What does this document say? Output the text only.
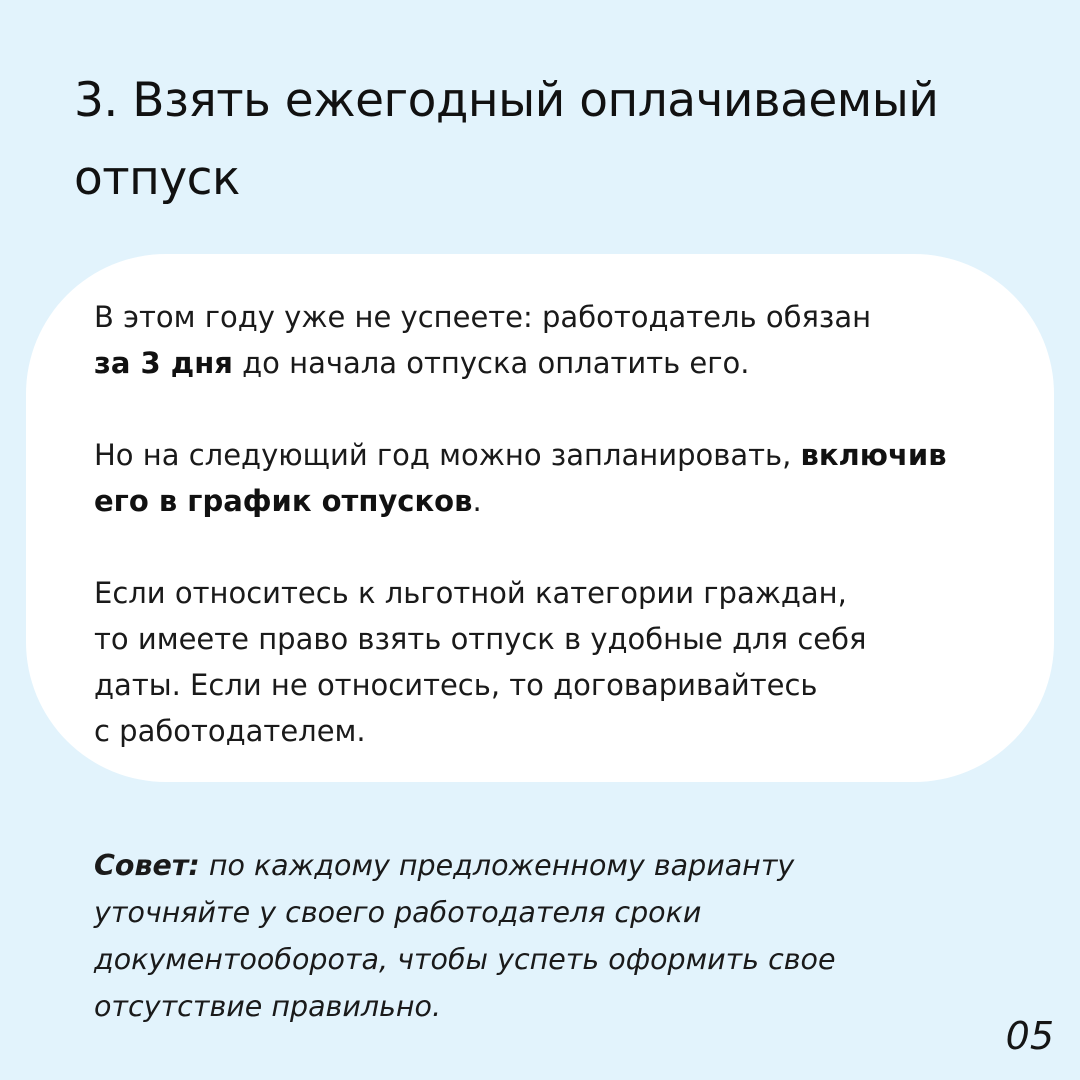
3. Взять ежегодный оплачиваемый
отпуск

В этом году уже не успеете: работодатель обязан
за 3 дня до начала отпуска оплатить его.

Но на следующий год можно запланировать, включив
его в график отпусков.

Если относитесь к льготной категории граждан,
то имеете право взять отпуск в удобные для себя
даты. Если не относитесь, то договаривайтесь
с работодателем.

Совет: по каждому предложенному варианту
уточняйте у своего работодателя сроки
документооборота, чтобы успеть оформить свое
отсутствие правильно.

05
